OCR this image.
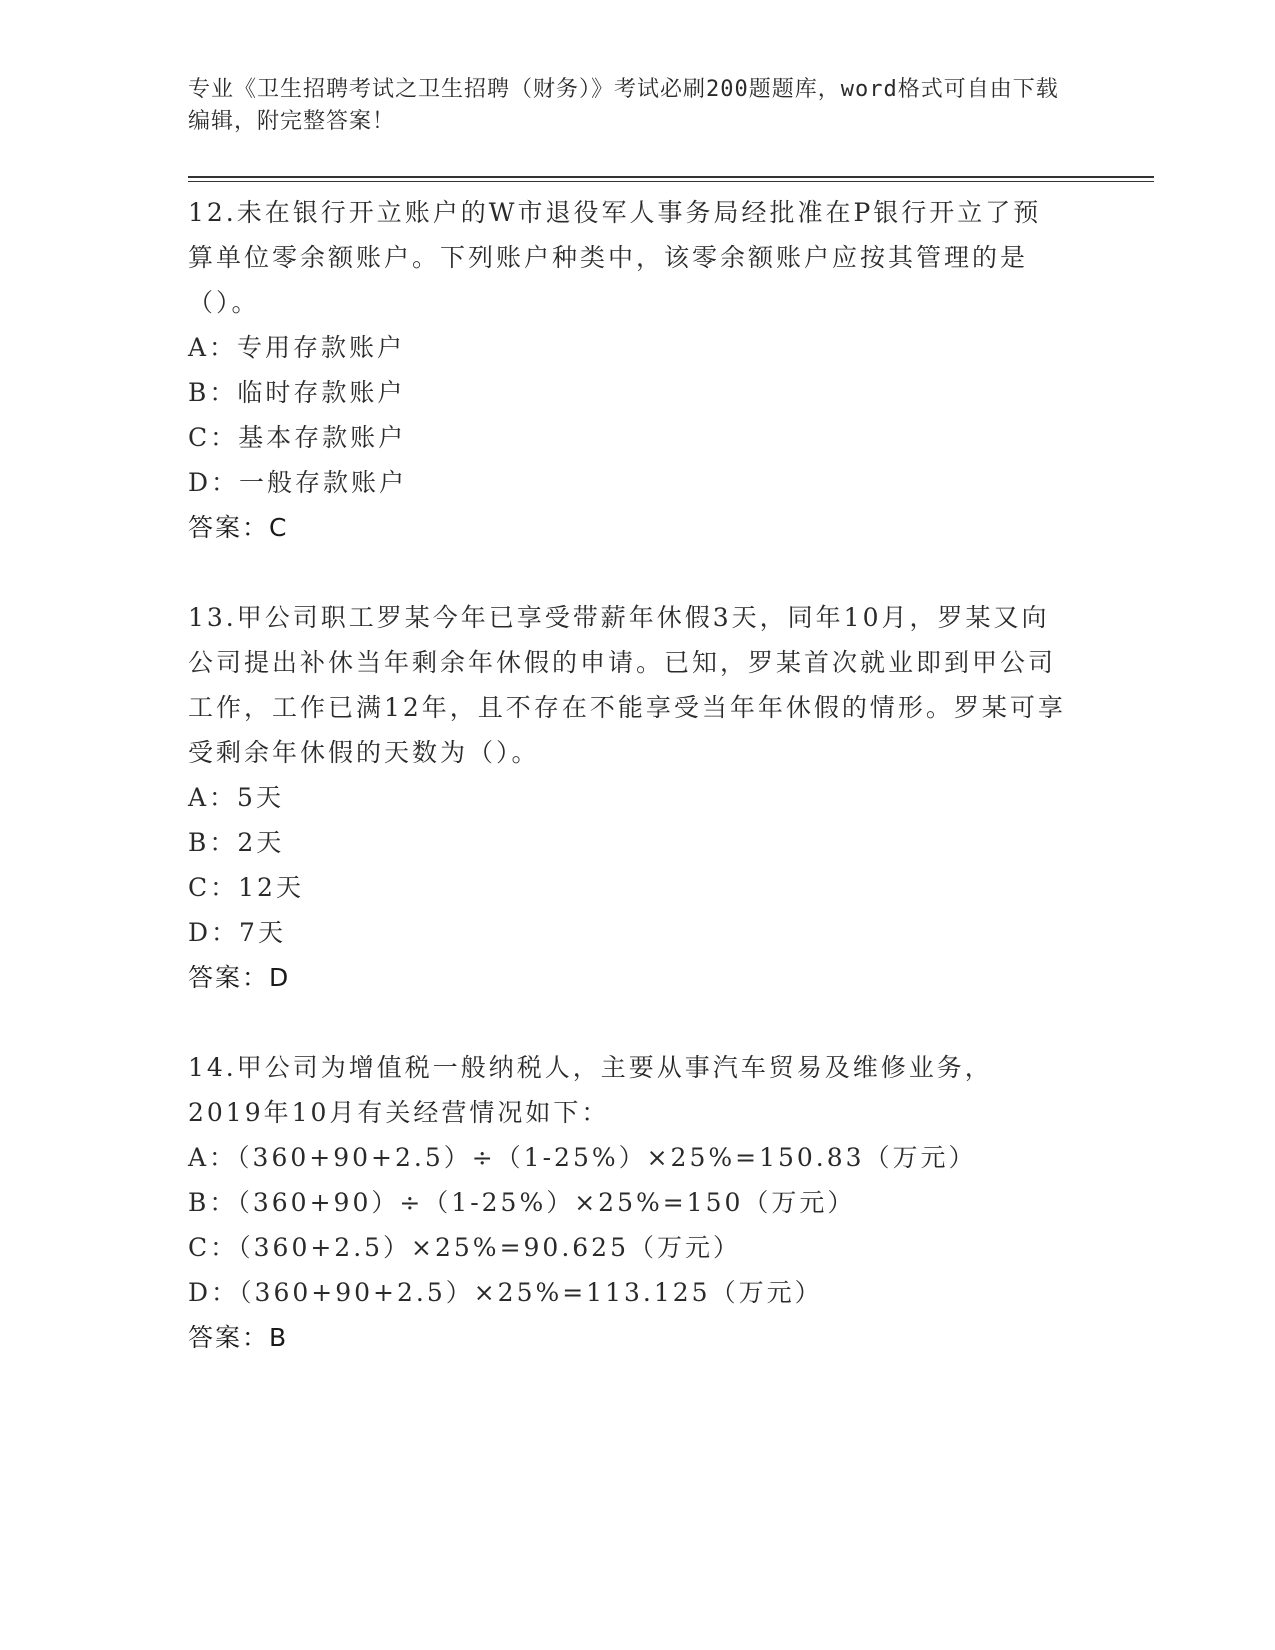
专业《卫生招聘考试之卫生招聘（财务）》考试必刷200题题库，word格式可自由下载编辑，附完整答案！
12.未在银行开立账户的W市退役军人事务局经批准在P银行开立了预算单位零余额账户。下列账户种类中，该零余额账户应按其管理的是（）。
A：专用存款账户
B：临时存款账户
C：基本存款账户
D：一般存款账户
答案：C
13.甲公司职工罗某今年已享受带薪年休假3天，同年10月，罗某又向公司提出补休当年剩余年休假的申请。已知，罗某首次就业即到甲公司工作，工作已满12年，且不存在不能享受当年年休假的情形。罗某可享受剩余年休假的天数为（）。
A：5天
B：2天
C：12天
D：7天
答案：D
14.甲公司为增值税一般纳税人，主要从事汽车贸易及维修业务，2019年10月有关经营情况如下：
A：（360+90+2.5）÷（1-25%）×25%=150.83（万元）
B：（360+90）÷（1-25%）×25%=150（万元）
C：（360+2.5）×25%=90.625（万元）
D：（360+90+2.5）×25%=113.125（万元）
答案：B
